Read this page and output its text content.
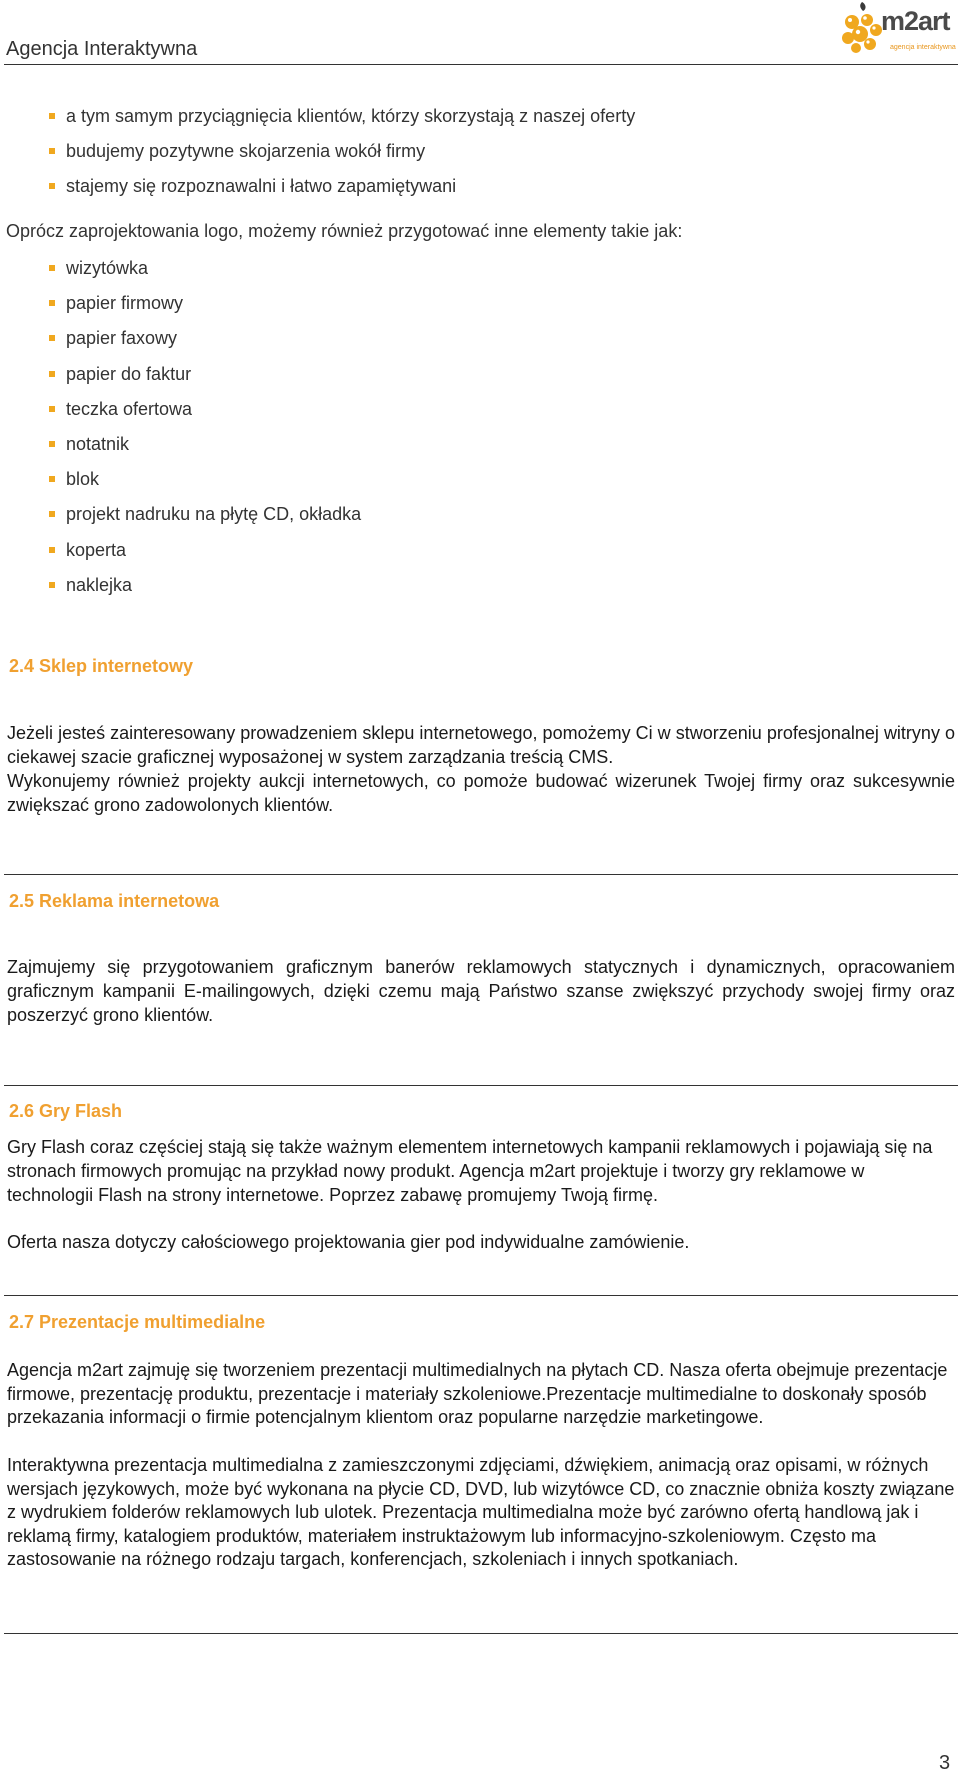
Agencja Interaktywna
m2art
agencja interaktywna
a tym samym przyciągnięcia klientów, którzy skorzystają z naszej oferty
budujemy pozytywne skojarzenia wokół firmy
stajemy się rozpoznawalni i łatwo zapamiętywani
Oprócz zaprojektowania logo, możemy również przygotować inne elementy takie jak:
wizytówka
papier firmowy
papier faxowy
papier do faktur
teczka ofertowa
notatnik
blok
projekt nadruku na płytę CD, okładka
koperta
naklejka
2.4 Sklep internetowy

Jeżeli jesteś zainteresowany prowadzeniem sklepu internetowego, pomożemy Ci w stworzeniu profesjonalnej witryny o ciekawej szacie graficznej wyposażonej w system zarządzania treścią CMS.

Wykonujemy również projekty aukcji internetowych, co pomoże budować wizerunek Twojej firmy oraz sukcesywnie zwiększać grono zadowolonych klientów.

2.5 Reklama internetowa

Zajmujemy się przygotowaniem graficznym banerów reklamowych statycznych i dynamicznych, opracowaniem graficznym kampanii E-mailingowych, dzięki czemu mają Państwo szanse zwiększyć przychody swojej firmy oraz poszerzyć grono klientów.

2.6 Gry Flash

Gry Flash coraz częściej stają się także ważnym elementem internetowych kampanii reklamowych i pojawiają się na stronach firmowych promując na przykład nowy produkt. Agencja m2art projektuje i tworzy gry reklamowe w technologii Flash na strony internetowe. Poprzez zabawę promujemy Twoją firmę.

Oferta nasza dotyczy całościowego projektowania gier pod indywidualne zamówienie.

2.7 Prezentacje multimedialne

Agencja m2art zajmuję się tworzeniem prezentacji multimedialnych na płytach CD. Nasza oferta obejmuje prezentacje firmowe, prezentację produktu, prezentacje i materiały szkoleniowe.Prezentacje multimedialne to doskonały sposób przekazania informacji o firmie potencjalnym klientom oraz popularne narzędzie marketingowe.

Interaktywna prezentacja multimedialna z zamieszczonymi zdjęciami, dźwiękiem, animacją oraz opisami, w różnych wersjach językowych, może być wykonana na płycie CD, DVD, lub wizytówce CD, co znacznie obniża koszty związane z wydrukiem folderów reklamowych lub ulotek. Prezentacja multimedialna może być zarówno ofertą handlową jak i reklamą firmy, katalogiem produktów, materiałem instruktażowym lub informacyjno-szkoleniowym. Często ma zastosowanie na różnego rodzaju targach, konferencjach, szkoleniach i innych spotkaniach.

3
